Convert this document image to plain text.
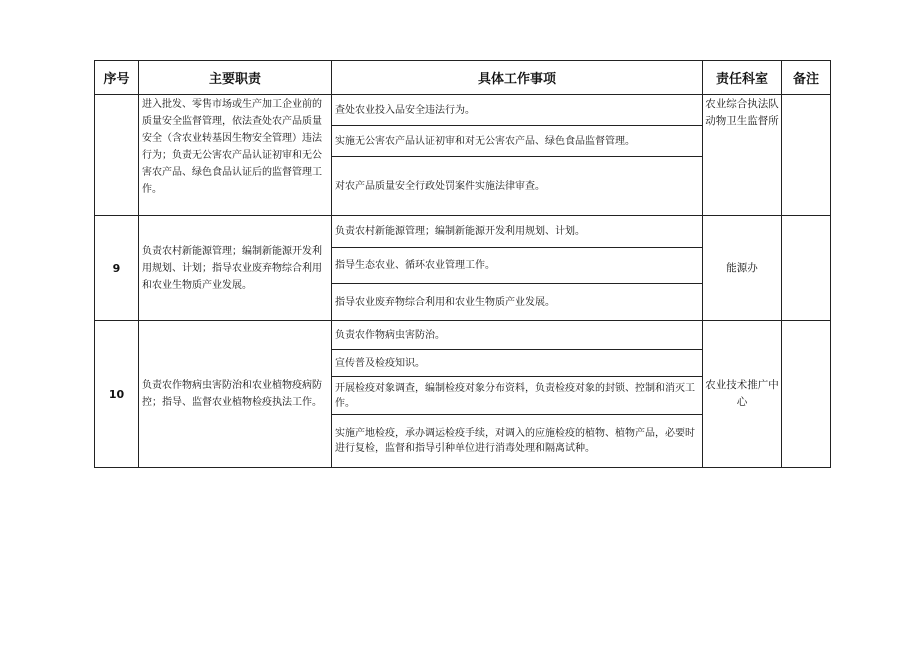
序号	主要职责	具体工作事项	责任科室	备注
	进入批发、零售市场或生产加工企业前的质量安全监督管理，依法查处农产品质量安全（含农业转基因生物安全管理）违法行为；负责无公害农产品认证初审和无公害农产品、绿色食品认证后的监督管理工作。	查处农业投入品安全违法行为。
实施无公害农产品认证初审和对无公害农产品、绿色食品监督管理。
对农产品质量安全行政处罚案件实施法律审查。	农业综合执法队动物卫生监督所	
9	负责农村新能源管理；编制新能源开发利用规划、计划；指导农业废弃物综合利用和农业生物质产业发展。	负责农村新能源管理；编制新能源开发利用规划、计划。
指导生态农业、循环农业管理工作。
指导农业废弃物综合利用和农业生物质产业发展。	能源办	
10	负责农作物病虫害防治和农业植物疫病防控；指导、监督农业植物检疫执法工作。	负责农作物病虫害防治。
宣传普及检疫知识。
开展检疫对象调查，编制检疫对象分布资料，负责检疫对象的封锁、控制和消灭工作。
实施产地检疫，承办调运检疫手续，对调入的应施检疫的植物、植物产品，必要时进行复检，监督和指导引种单位进行消毒处理和隔离试种。	农业技术推广中心	
